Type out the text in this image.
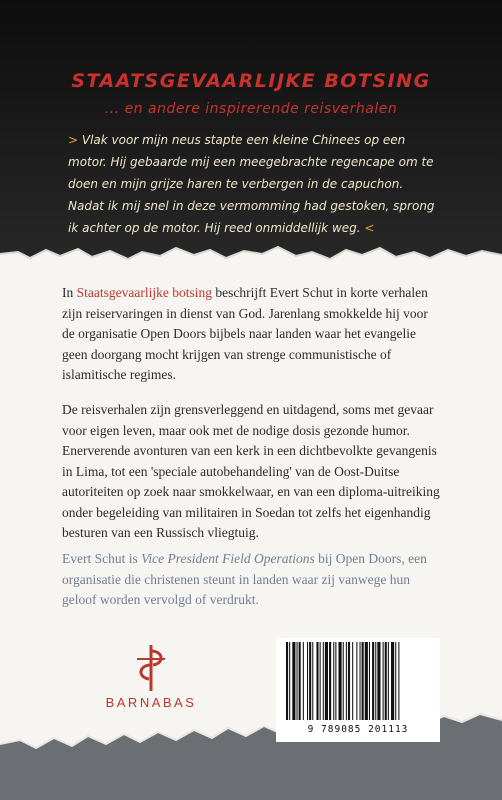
STAATSGEVAARLIJKE BOTSING
... en andere inspirerende reisverhalen

> Vlak voor mijn neus stapte een kleine Chinees op een motor. Hij gebaarde mij een meegebrachte regencape om te doen en mijn grijze haren te verbergen in de capuchon. Nadat ik mij snel in deze vermomming had gestoken, sprong ik achter op de motor. Hij reed onmiddellijk weg. <

In Staatsgevaarlijke botsing beschrijft Evert Schut in korte verhalen zijn reiservaringen in dienst van God. Jarenlang smokkelde hij voor de organisatie Open Doors bijbels naar landen waar het evangelie geen doorgang mocht krijgen van strenge communistische of islamitische regimes.

De reisverhalen zijn grensverleggend en uitdagend, soms met gevaar voor eigen leven, maar ook met de nodige dosis gezonde humor. Enerverende avonturen van een kerk in een dichtbevolkte gevangenis in Lima, tot een 'speciale autobehandeling' van de Oost-Duitse autoriteiten op zoek naar smokkelwaar, en van een diploma-uitreiking onder begeleiding van militairen in Soedan tot zelfs het eigenhandig besturen van een Russisch vliegtuig.

Evert Schut is Vice President Field Operations bij Open Doors, een organisatie die christenen steunt in landen waar zij vanwege hun geloof worden vervolgd of verdrukt.

BARNABAS
9 789085 201113
